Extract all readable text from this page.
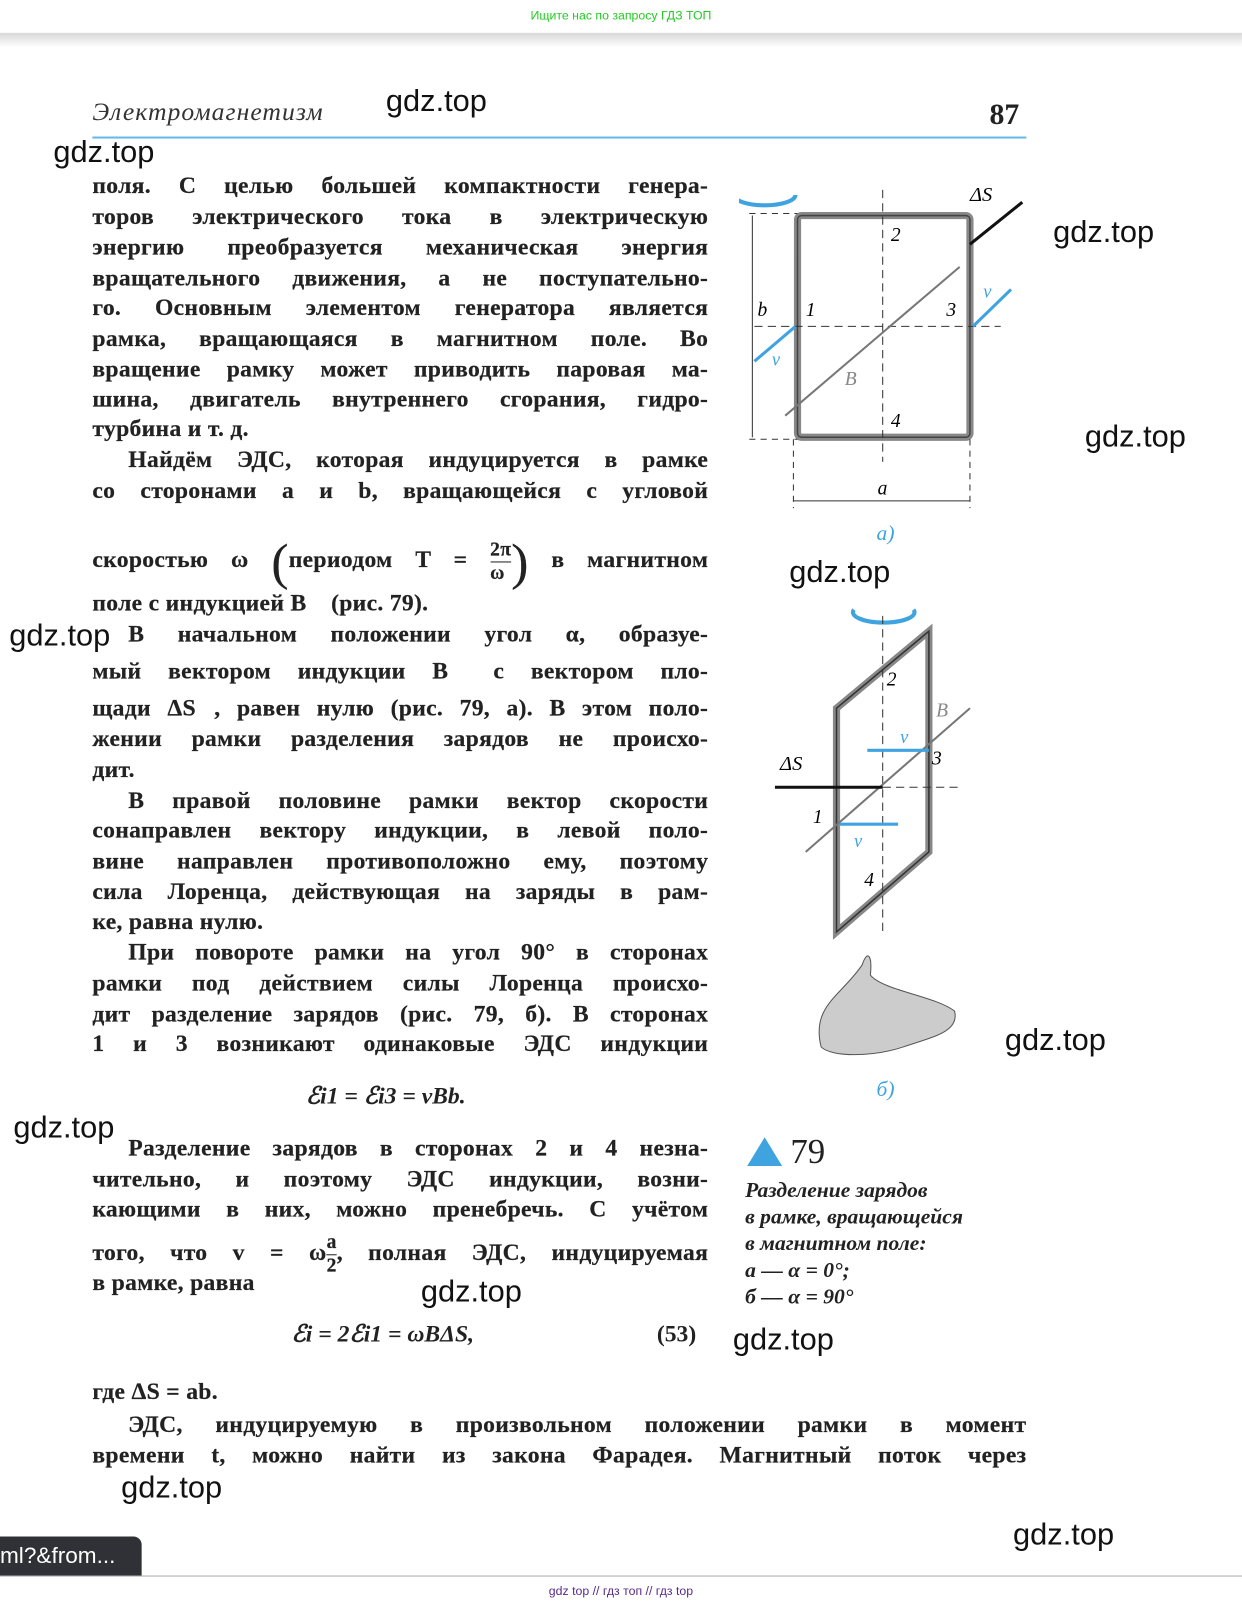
Ищите нас по запросу ГДЗ ТОП
Электромагнетизм	87
поля. С целью большей компактности генера-
торов электрического тока в электрическую
энергию преобразуется механическая энергия
вращательного движения, а не поступательно-
го. Основным элементом генератора является
рамка, вращающаяся в магнитном поле. Во
вращение рамку может приводить паровая ма-
шина, двигатель внутреннего сгорания, гидро-
турбина и т. д.
Найдём ЭДС, которая индуцируется в рамке
со сторонами a и b, вращающейся с угловой
поле с индукцией B⃗ (рис. 79).
В начальном положении угол α, образуе-
мый вектором индукции B⃗ с вектором пло-
щади ΔS⃗, равен нулю (рис. 79, а). В этом поло-
жении рамки разделения зарядов не происхо-
дит.
В правой половине рамки вектор скорости
сонаправлен вектору индукции, в левой поло-
вине направлен противоположно ему, поэтому
сила Лоренца, действующая на заряды в рам-
ке, равна нулю.
При повороте рамки на угол 90° в сторонах
рамки под действием силы Лоренца происхо-
дит разделение зарядов (рис. 79, б). В сторонах
1 и 3 возникают одинаковые ЭДС индукции
Разделение зарядов в сторонах 2 и 4 незна-
чительно, и поэтому ЭДС индукции, возни-
кающими в них, можно пренебречь. С учётом
в рамке, равна
где ΔS = ab.
ЭДС, индуцируемую в произвольном положении рамки в момент
времени t, можно найти из закона Фарадея. Магнитный поток через
скоростью ω (периодом $T = \frac{2\pi}{\omega}$ ) в магнитном
того, что v = ω $\frac{a}{2}$ , полная ЭДС, индуцируемая
ℰi1 = ℰi3 = vBb.
ℰi = 2ℰi1 = ωBΔS,	(53)
ΔS⃗
2
1	3
4
b
a
B⃗
v⃗
v⃗
а)
ΔS⃗
2
1
3
4
B⃗
v⃗
v⃗
б)
79
Разделение зарядов
в рамке, вращающейся
в магнитном поле:
а — α = 0°;
б — α = 90°
gdz.top
gdz.top
gdz.top
gdz.top
gdz.top
gdz.top
gdz.top
gdz.top
gdz.top
gdz.top
gdz.top
gdz.top
ml?&from...
gdz top // гдз топ // гдз top
